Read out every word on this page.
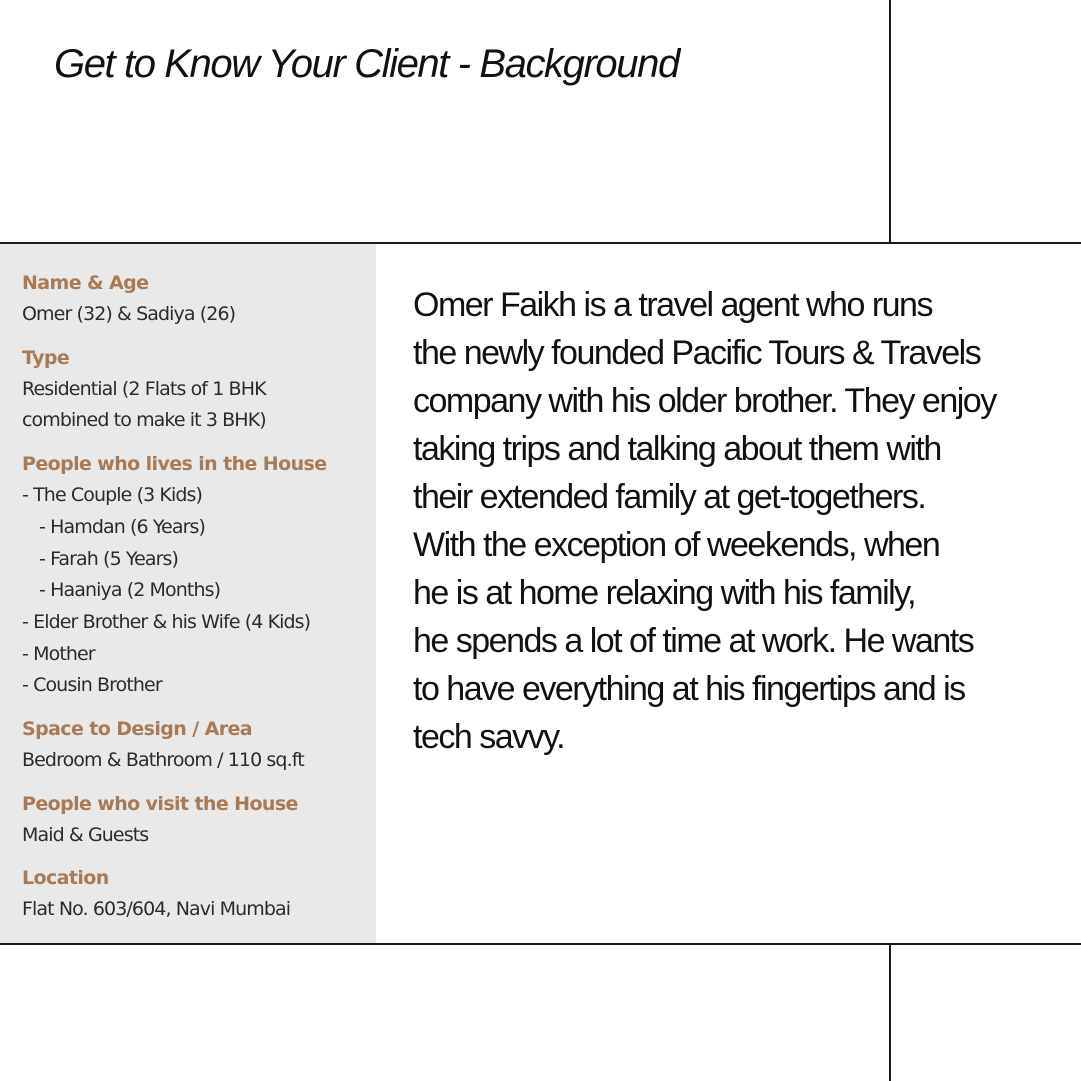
Get to Know Your Client - Background
Name & Age
Omer (32) & Sadiya (26)
Type
Residential (2 Flats of 1 BHK
combined to make it 3 BHK)
People who lives in the House
- The Couple (3 Kids)
- Hamdan (6 Years)
- Farah (5 Years)
- Haaniya (2 Months)
- Elder Brother & his Wife (4 Kids)
- Mother
- Cousin Brother
Space to Design / Area
Bedroom & Bathroom / 110 sq.ft
People who visit the House
Maid & Guests
Location
Flat No. 603/604, Navi Mumbai

Omer Faikh is a travel agent who runs
the newly founded Pacific Tours & Travels
company with his older brother. They enjoy
taking trips and talking about them with
their extended family at get-togethers.
With the exception of weekends, when
he is at home relaxing with his family,
he spends a lot of time at work. He wants
to have everything at his fingertips and is
tech savvy.
